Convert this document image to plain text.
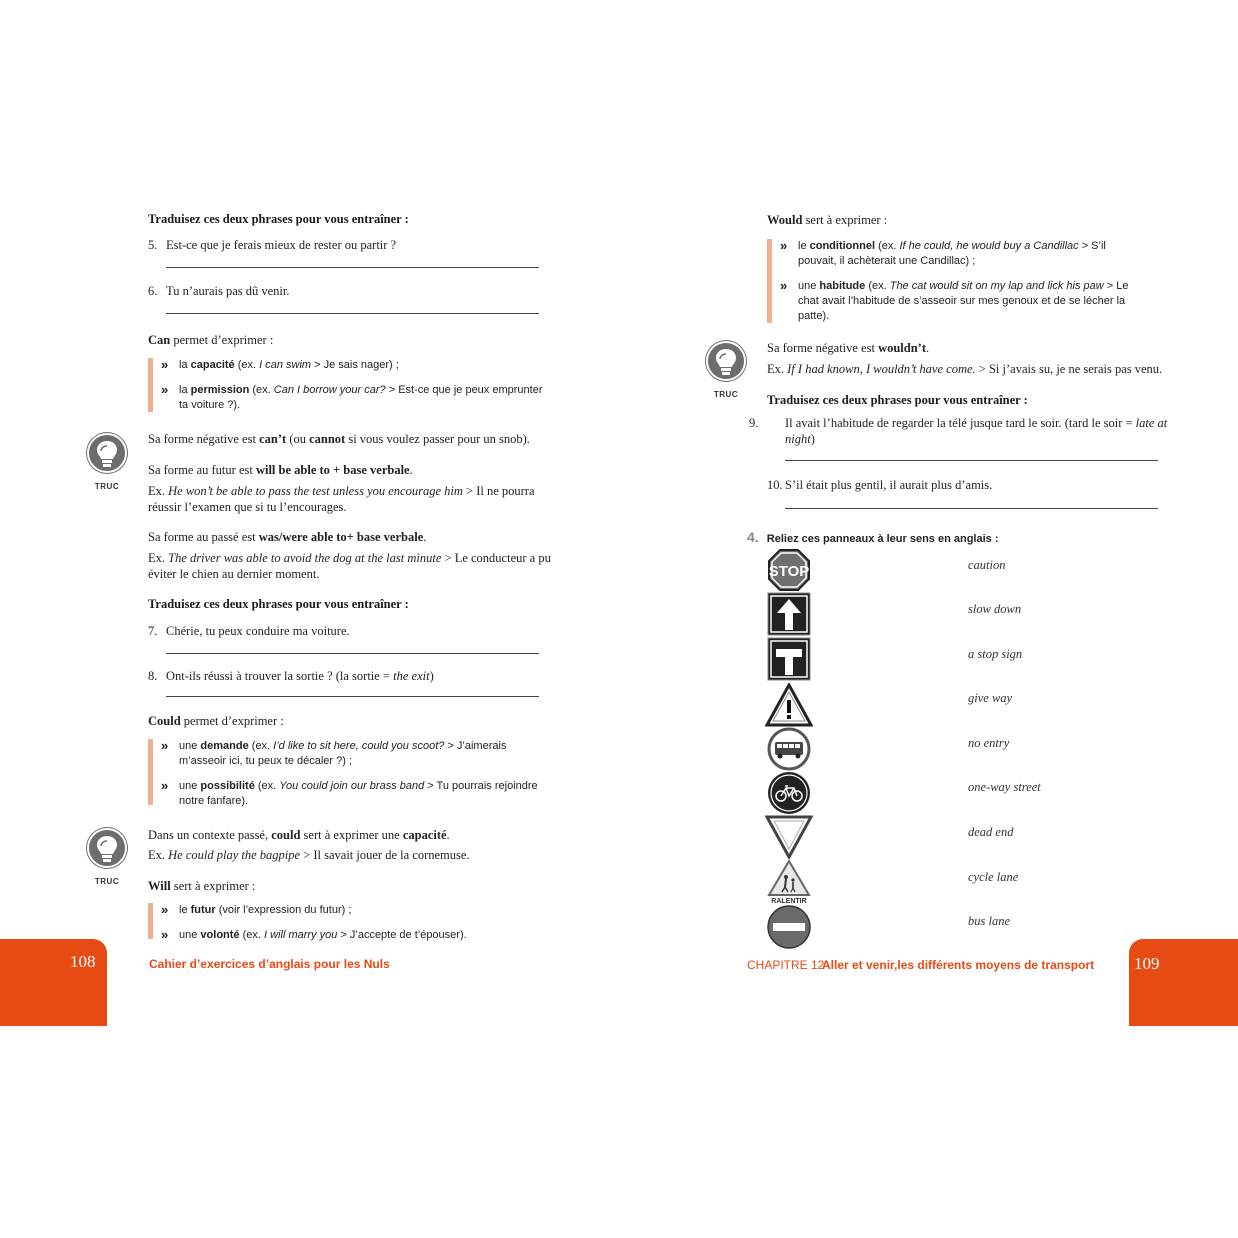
Traduisez ces deux phrases pour vous entraîner :
5. Est-ce que je ferais mieux de rester ou partir ?
6. Tu n’aurais pas dû venir.
Can permet d’exprimer :
» la capacité (ex. I can swim > Je sais nager) ;
» la permission (ex. Can I borrow your car? > Est-ce que je peux emprunter ta voiture ?).
TRUC
Sa forme négative est can’t (ou cannot si vous voulez passer pour un snob).
Sa forme au futur est will be able to + base verbale.
Ex. He won’t be able to pass the test unless you encourage him > Il ne pourra réussir l’examen que si tu l’encourages.
Sa forme au passé est was/were able to+ base verbale.
Ex. The driver was able to avoid the dog at the last minute > Le conducteur a pu éviter le chien au dernier moment.
Traduisez ces deux phrases pour vous entraîner :
7. Chérie, tu peux conduire ma voiture.
8. Ont-ils réussi à trouver la sortie ? (la sortie = the exit)
Could permet d’exprimer :
» une demande (ex. I’d like to sit here, could you scoot? > J’aimerais m’asseoir ici, tu peux te décaler ?) ;
» une possibilité (ex. You could join our brass band > Tu pourrais rejoindre notre fanfare).
TRUC
Dans un contexte passé, could sert à exprimer une capacité.
Ex. He could play the bagpipe > Il savait jouer de la cornemuse.
Will sert à exprimer :
» le futur (voir l’expression du futur) ;
» une volonté (ex. I will marry you > J’accepte de t’épouser).
108	Cahier d’exercices d’anglais pour les Nuls
Would sert à exprimer :
» le conditionnel (ex. If he could, he would buy a Candillac > S’il pouvait, il achèterait une Candillac) ;
» une habitude (ex. The cat would sit on my lap and lick his paw > Le chat avait l’habitude de s’asseoir sur mes genoux et de se lécher la patte).
TRUC
Sa forme négative est wouldn’t.
Ex. If I had known, I wouldn’t have come. > Si j’avais su, je ne serais pas venu.
Traduisez ces deux phrases pour vous entraîner :
9. Il avait l’habitude de regarder la télé jusque tard le soir. (tard le soir = late at night)
10. S’il était plus gentil, il aurait plus d’amis.
4. Reliez ces panneaux à leur sens en anglais :
STOP
RALENTIR
caution
slow down
a stop sign
give way
no entry
one-way street
dead end
cycle lane
bus lane
CHAPITRE 12
Aller et venir,les différents moyens de transport 109
